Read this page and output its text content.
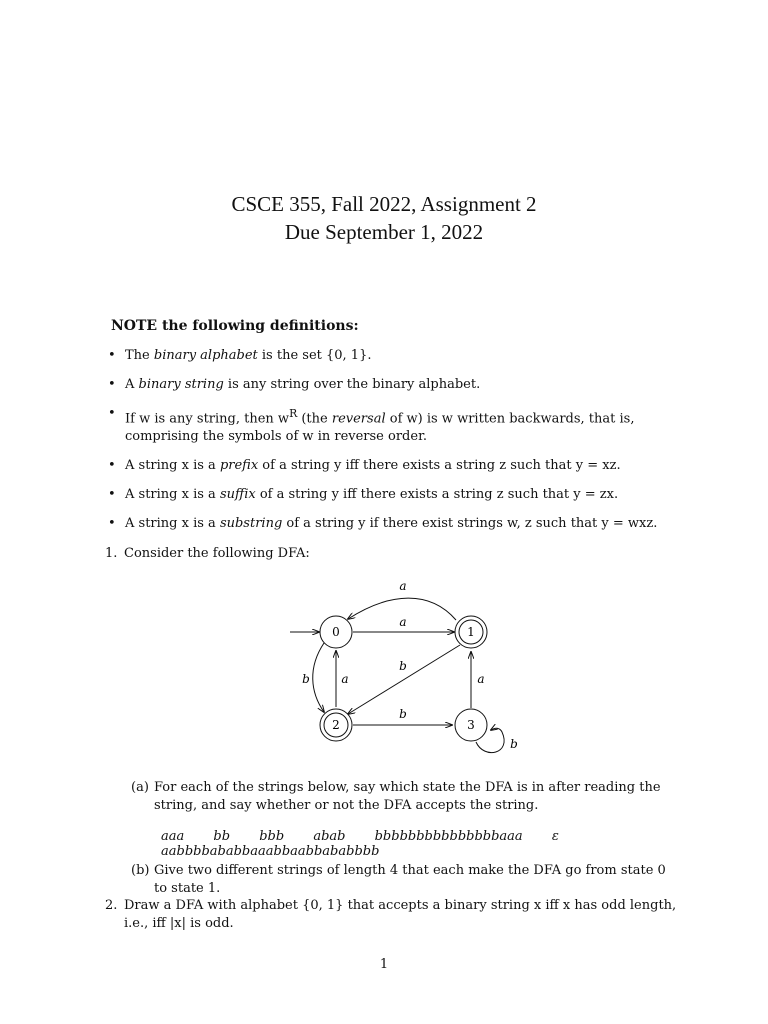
CSCE 355, Fall 2022, Assignment 2
Due September 1, 2022
NOTE the following definitions:
• The binary alphabet is the set {0, 1}.
• A binary string is any string over the binary alphabet.
• If w is any string, then $w^R$ (the reversal of w) is w written backwards, that is, comprising the symbols of w in reverse order.
• A string x is a prefix of a string y iff there exists a string z such that y = xz.
• A string x is a suffix of a string y iff there exists a string z such that y = zx.
• A string x is a substring of a string y if there exist strings w, z such that y = wxz.
1. Consider the following DFA:
0	1
2	3
a
a
b
b	a	a
b
b
(a) For each of the strings below, say which state the DFA is in after reading the string, and say whether or not the DFA accepts the string.
aaa bb bbb abab bbbbbbbbbbbbbbbaaa ε aabbbbababbaaabbaabbababbbb
(b) Give two different strings of length 4 that each make the DFA go from state 0 to state 1.
2. Draw a DFA with alphabet {0, 1} that accepts a binary string x iff x has odd length, i.e., iff |x| is odd.
1
